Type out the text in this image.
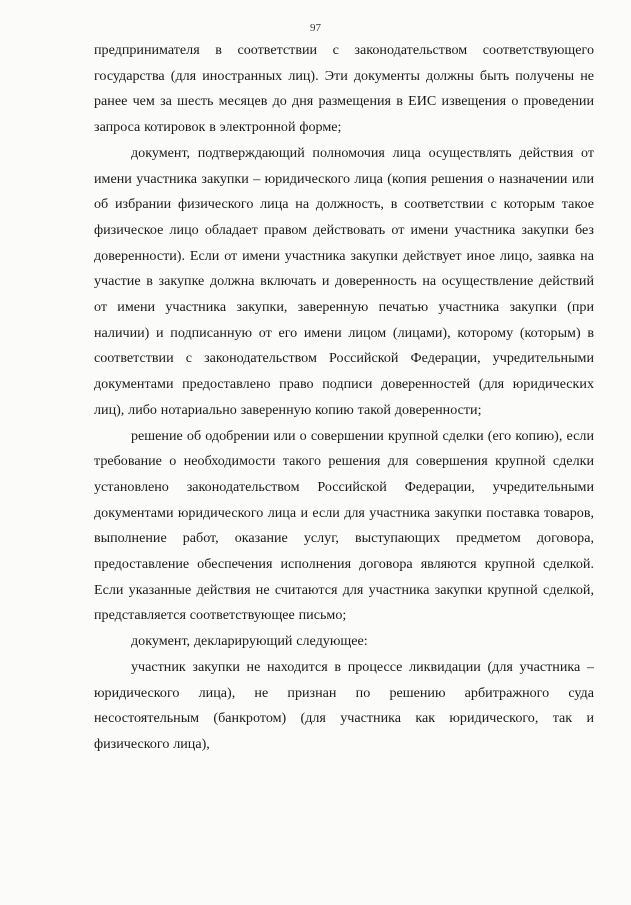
97

предпринимателя в соответствии с законодательством соответствующего государства (для иностранных лиц). Эти документы должны быть получены не ранее чем за шесть месяцев до дня размещения в ЕИС извещения о проведении запроса котировок в электронной форме;

документ, подтверждающий полномочия лица осуществлять действия от имени участника закупки – юридического лица (копия решения о назначении или об избрании физического лица на должность, в соответствии с которым такое физическое лицо обладает правом действовать от имени участника закупки без доверенности). Если от имени участника закупки действует иное лицо, заявка на участие в закупке должна включать и доверенность на осуществление действий от имени участника закупки, заверенную печатью участника закупки (при наличии) и подписанную от его имени лицом (лицами), которому (которым) в соответствии с законодательством Российской Федерации, учредительными документами предоставлено право подписи доверенностей (для юридических лиц), либо нотариально заверенную копию такой доверенности;

решение об одобрении или о совершении крупной сделки (его копию), если требование о необходимости такого решения для совершения крупной сделки установлено законодательством Российской Федерации, учредительными документами юридического лица и если для участника закупки поставка товаров, выполнение работ, оказание услуг, выступающих предметом договора, предоставление обеспечения исполнения договора являются крупной сделкой. Если указанные действия не считаются для участника закупки крупной сделкой, представляется соответствующее письмо;

документ, декларирующий следующее:

участник закупки не находится в процессе ликвидации (для участника – юридического лица), не признан по решению арбитражного суда несостоятельным (банкротом) (для участника как юридического, так и физического лица),
